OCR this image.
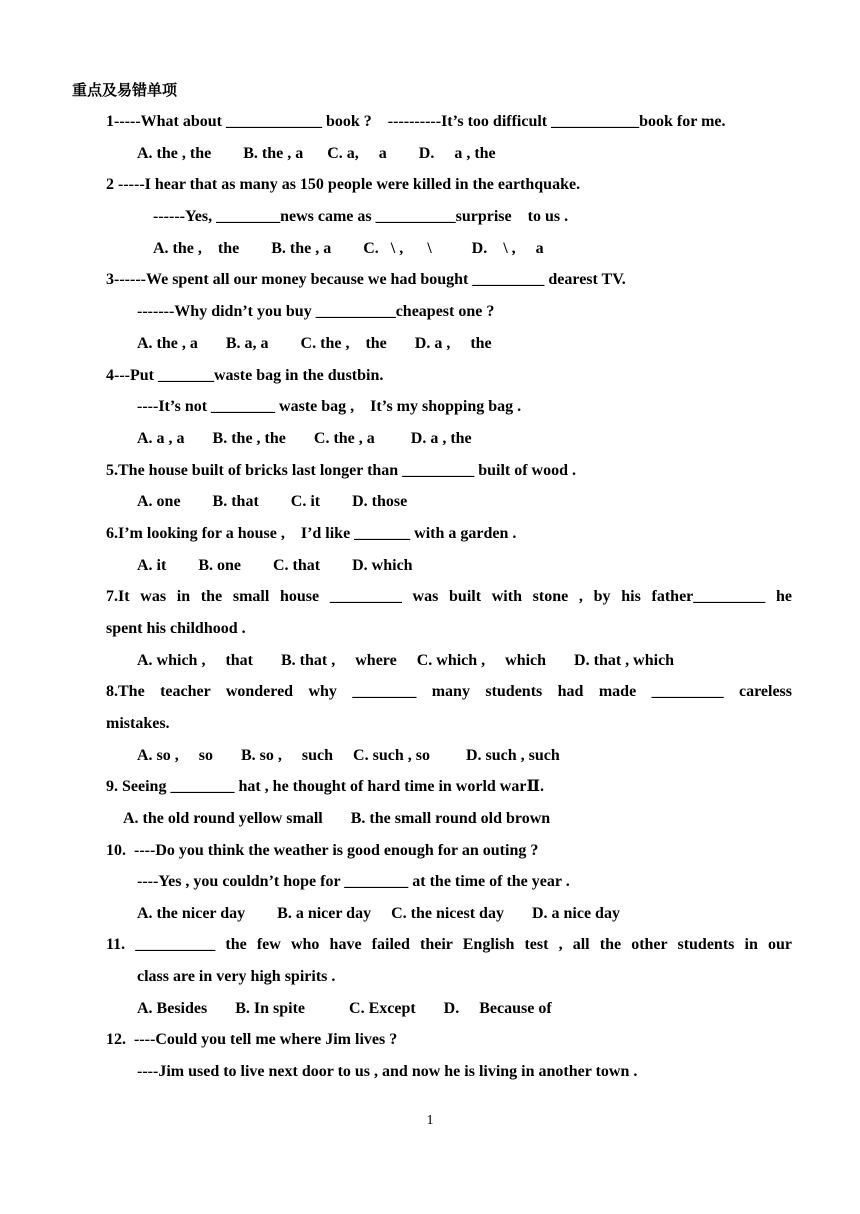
重点及易错单项
1-----What about ____________ book ?    ----------It’s too difficult ___________book for me.
A. the , the        B. the , a      C. a,     a        D.     a , the
2 -----I hear that as many as 150 people were killed in the earthquake.
------Yes, ________news came as __________surprise    to us .
A. the ,    the        B. the , a        C.   \ ,      \          D.    \ ,     a
3------We spent all our money because we had bought _________ dearest TV.
-------Why didn’t you buy __________cheapest one ?
A. the , a       B. a, a        C. the ,    the       D. a ,     the
4---Put _______waste bag in the dustbin.
----It’s not ________ waste bag ,    It’s my shopping bag .
A. a , a       B. the , the       C. the , a         D. a , the
5.The house built of bricks last longer than _________ built of wood .
A. one        B. that        C. it        D. those
6.I’m looking for a house ,    I’d like _______ with a garden .
A. it        B. one        C. that        D. which
7.It was in the small house _________ was built with stone , by his father_________ he
spent his childhood .
A. which ,     that       B. that ,     where     C. which ,     which       D. that , which
8.The teacher wondered why ________ many students had made _________ careless
mistakes.
A. so ,     so       B. so ,     such     C. such , so         D. such , such
9. Seeing ________ hat , he thought of hard time in world warⅡ.
A. the old round yellow small       B. the small round old brown
10.  ----Do you think the weather is good enough for an outing ?
----Yes , you couldn’t hope for ________ at the time of the year .
A. the nicer day        B. a nicer day     C. the nicest day       D. a nice day
11. __________ the few who have failed their English test , all the other students in our
class are in very high spirits .
A. Besides       B. In spite           C. Except       D.     Because of
12.  ----Could you tell me where Jim lives ?
----Jim used to live next door to us , and now he is living in another town .
1
